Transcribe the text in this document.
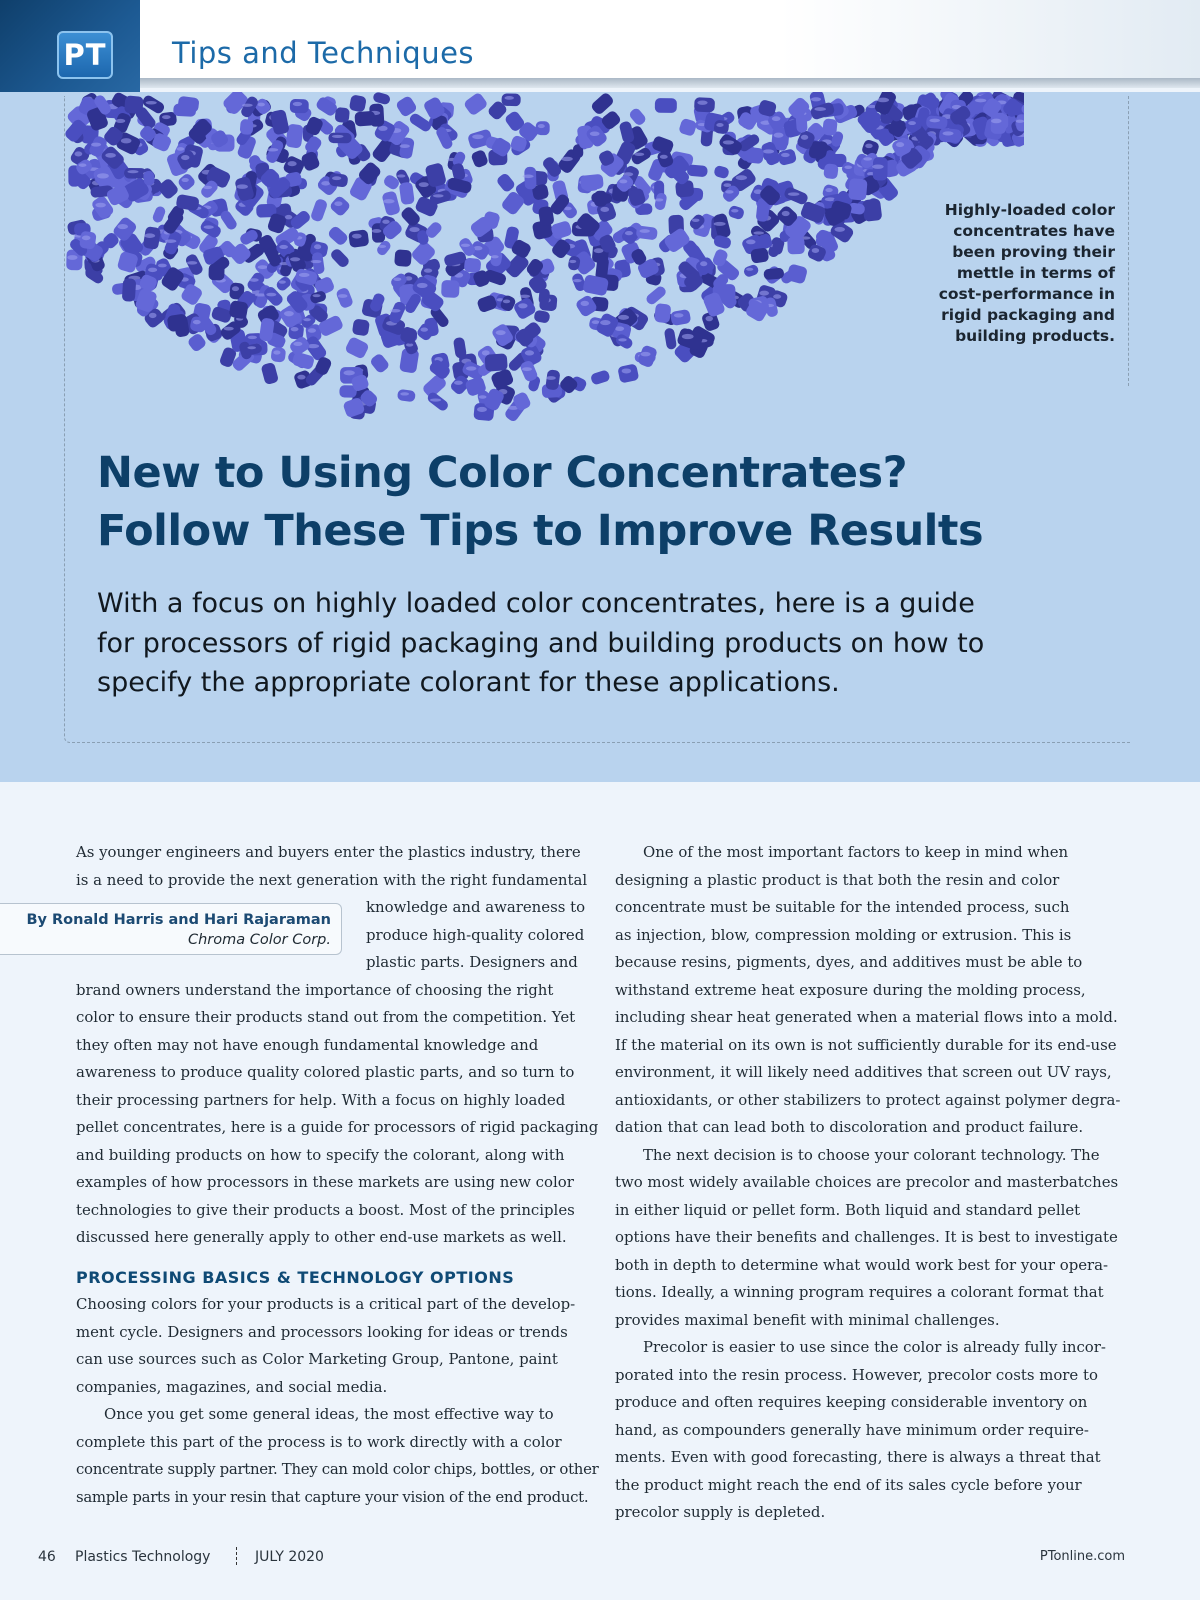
PT Tips and Techniques
Highly-loaded color concentrates have been proving their mettle in terms of cost-performance in rigid packaging and building products.
New to Using Color Concentrates?
Follow These Tips to Improve Results

With a focus on highly loaded color concentrates, here is a guide
for processors of rigid packaging and building products on how to
specify the appropriate colorant for these applications.

As younger engineers and buyers enter the plastics industry, there
is a need to provide the next generation with the right fundamental
knowledge and awareness to
produce high-quality colored
plastic parts. Designers and
brand owners understand the importance of choosing the right
color to ensure their products stand out from the competition. Yet
they often may not have enough fundamental knowledge and
awareness to produce quality colored plastic parts, and so turn to
their processing partners for help. With a focus on highly loaded
pellet concentrates, here is a guide for processors of rigid packaging
and building products on how to specify the colorant, along with
examples of how processors in these markets are using new color
technologies to give their products a boost. Most of the principles
discussed here generally apply to other end-use markets as well.
PROCESSING BASICS & TECHNOLOGY OPTIONS
Choosing colors for your products is a critical part of the develop-
ment cycle. Designers and processors looking for ideas or trends
can use sources such as Color Marketing Group, Pantone, paint
companies, magazines, and social media.
Once you get some general ideas, the most effective way to
complete this part of the process is to work directly with a color
concentrate supply partner. They can mold color chips, bottles, or other
sample parts in your resin that capture your vision of the end product.
By Ronald Harris and Hari Rajaraman
Chroma Color Corp.
One of the most important factors to keep in mind when
designing a plastic product is that both the resin and color
concentrate must be suitable for the intended process, such
as injection, blow, compression molding or extrusion. This is
because resins, pigments, dyes, and additives must be able to
withstand extreme heat exposure during the molding process,
including shear heat generated when a material flows into a mold.
If the material on its own is not sufficiently durable for its end-use
environment, it will likely need additives that screen out UV rays,
antioxidants, or other stabilizers to protect against polymer degra-
dation that can lead both to discoloration and product failure.
The next decision is to choose your colorant technology. The
two most widely available choices are precolor and masterbatches
in either liquid or pellet form. Both liquid and standard pellet
options have their benefits and challenges. It is best to investigate
both in depth to determine what would work best for your opera-
tions. Ideally, a winning program requires a colorant format that
provides maximal benefit with minimal challenges.
Precolor is easier to use since the color is already fully incor-
porated into the resin process. However, precolor costs more to
produce and often requires keeping considerable inventory on
hand, as compounders generally have minimum order require-
ments. Even with good forecasting, there is always a threat that
the product might reach the end of its sales cycle before your
precolor supply is depleted.
46 Plastics Technology	JULY 2020	PTonline.com
